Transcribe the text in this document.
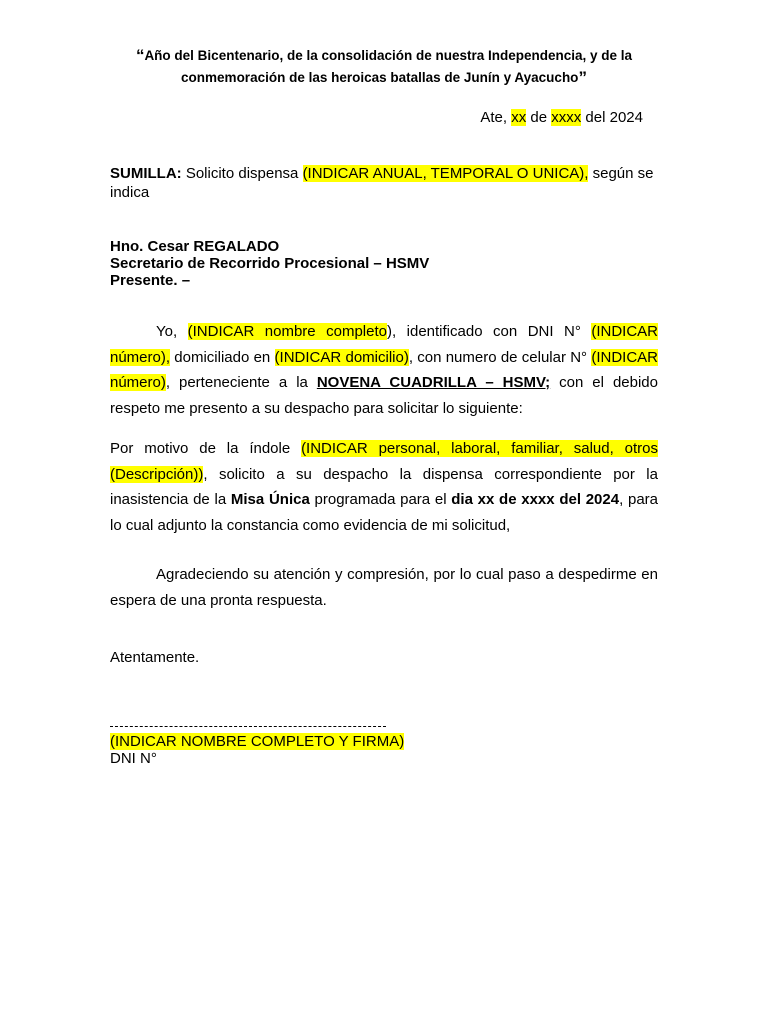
“Año del Bicentenario, de la consolidación de nuestra Independencia, y de la
conmemoración de las heroicas batallas de Junín y Ayacucho”
Ate, xx de xxxx del 2024
SUMILLA: Solicito dispensa (INDICAR ANUAL, TEMPORAL O UNICA), según se indica
Hno. Cesar REGALADO
Secretario de Recorrido Procesional – HSMV
Presente. –
Yo, (INDICAR nombre completo), identificado con DNI N° (INDICAR número), domiciliado en (INDICAR domicilio), con numero de celular N° (INDICAR número), perteneciente a la NOVENA CUADRILLA – HSMV; con el debido respeto me presento a su despacho para solicitar lo siguiente:
Por motivo de la índole (INDICAR personal, laboral, familiar, salud, otros (Descripción)), solicito a su despacho la dispensa correspondiente por la inasistencia de la Misa Única programada para el dia xx de xxxx del 2024, para lo cual adjunto la constancia como evidencia de mi solicitud,
Agradeciendo su atención y compresión, por lo cual paso a despedirme en espera de una pronta respuesta.
Atentamente.
(INDICAR NOMBRE COMPLETO Y FIRMA)
DNI N°
